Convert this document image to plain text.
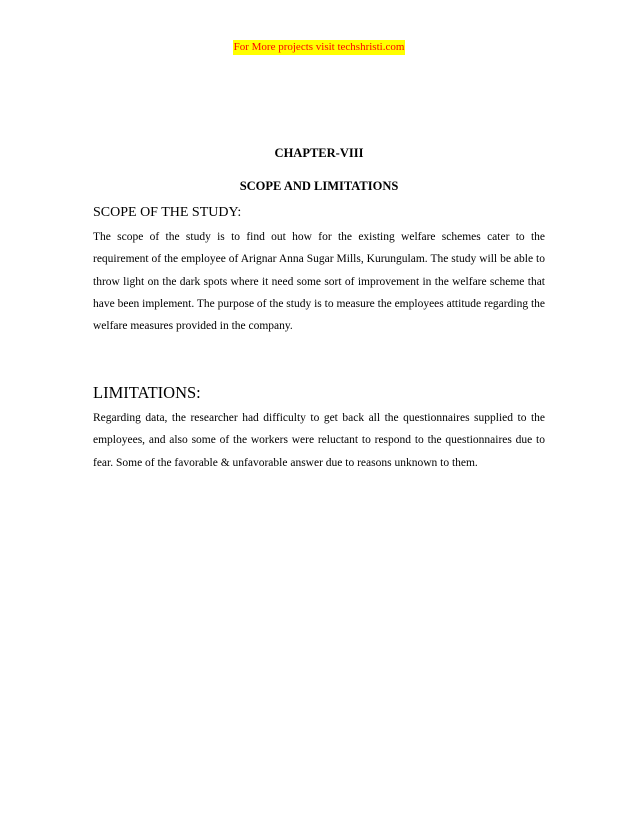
For More projects visit techshristi.com
CHAPTER-VIII
SCOPE AND LIMITATIONS
SCOPE OF THE STUDY:
The scope of the study is to find out how for the existing welfare schemes cater to the requirement of the employee of Arignar Anna Sugar Mills, Kurungulam. The study will be able to throw light on the dark spots where it need some sort of improvement in the welfare scheme that have been implement. The purpose of the study is to measure the employees attitude regarding the welfare measures provided in the company.
LIMITATIONS:
Regarding data, the researcher had difficulty to get back all the questionnaires supplied to the employees, and also some of the workers were reluctant to respond to the questionnaires due to fear. Some of the favorable & unfavorable answer due to reasons unknown to them.
